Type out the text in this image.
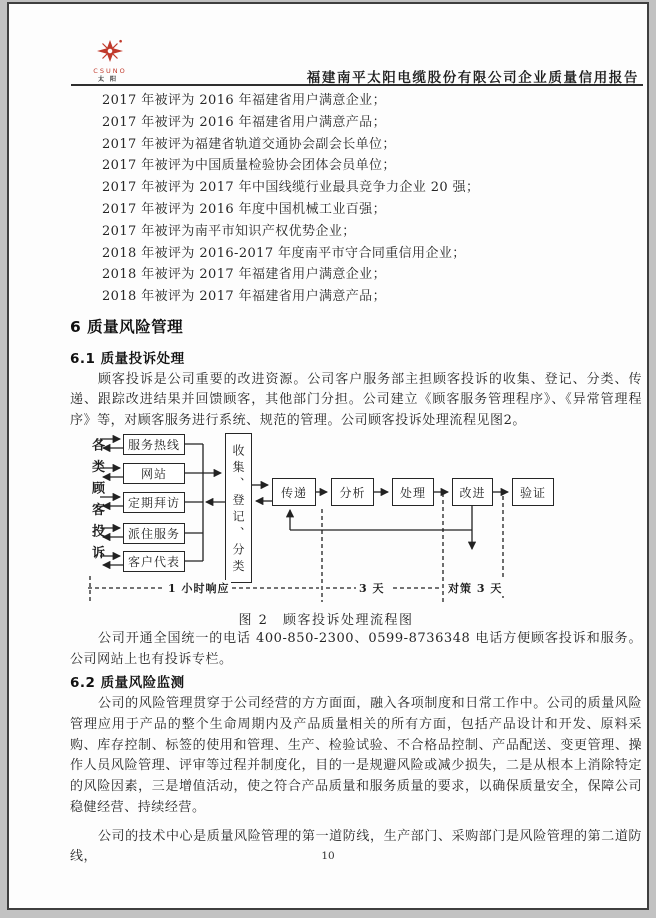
CSUNO
太阳	福建南平太阳电缆股份有限公司企业质量信用报告
2017 年被评为 2016 年福建省用户满意企业；
2017 年被评为 2016 年福建省用户满意产品；
2017 年被评为福建省轨道交通协会副会长单位；
2017 年被评为中国质量检验协会团体会员单位；
2017 年被评为 2017 年中国线缆行业最具竞争力企业 20 强；
2017 年被评为 2016 年度中国机械工业百强；
2017 年被评为南平市知识产权优势企业；
2018 年被评为 2016-2017 年度南平市守合同重信用企业；
2018 年被评为 2017 年福建省用户满意企业；
2018 年被评为 2017 年福建省用户满意产品；
6 质量风险管理
6.1 质量投诉处理
顾客投诉是公司重要的改进资源。公司客户服务部主担顾客投诉的收集、登记、分类、传递、跟踪改进结果并回馈顾客，其他部门分担。公司建立《顾客服务管理程序》、《异常管理程序》等，对顾客服务进行系统、规范的管理。公司顾客投诉处理流程见图2。
各类顾客投诉	服务热线
网站
定期拜访
派住服务
客户代表	收集、登记、分类	传递	分析	处理	改进	验证
1 小时响应	3 天	对策 3 天
图 2　顾客投诉处理流程图
公司开通全国统一的电话 400-850-2300、0599-8736348 电话方便顾客投诉和服务。公司网站上也有投诉专栏。
6.2 质量风险监测
公司的风险管理贯穿于公司经营的方方面面，融入各项制度和日常工作中。公司的质量风险管理应用于产品的整个生命周期内及产品质量相关的所有方面，包括产品设计和开发、原料采购、库存控制、标签的使用和管理、生产、检验试验、不合格品控制、产品配送、变更管理、操作人员风险管理、评审等过程并制度化，目的一是规避风险或减少损失，二是从根本上消除特定的风险因素，三是增值活动，使之符合产品质量和服务质量的要求，以确保质量安全，保障公司稳健经营、持续经营。
公司的技术中心是质量风险管理的第一道防线，生产部门、采购部门是风险管理的第二道防线，	10
